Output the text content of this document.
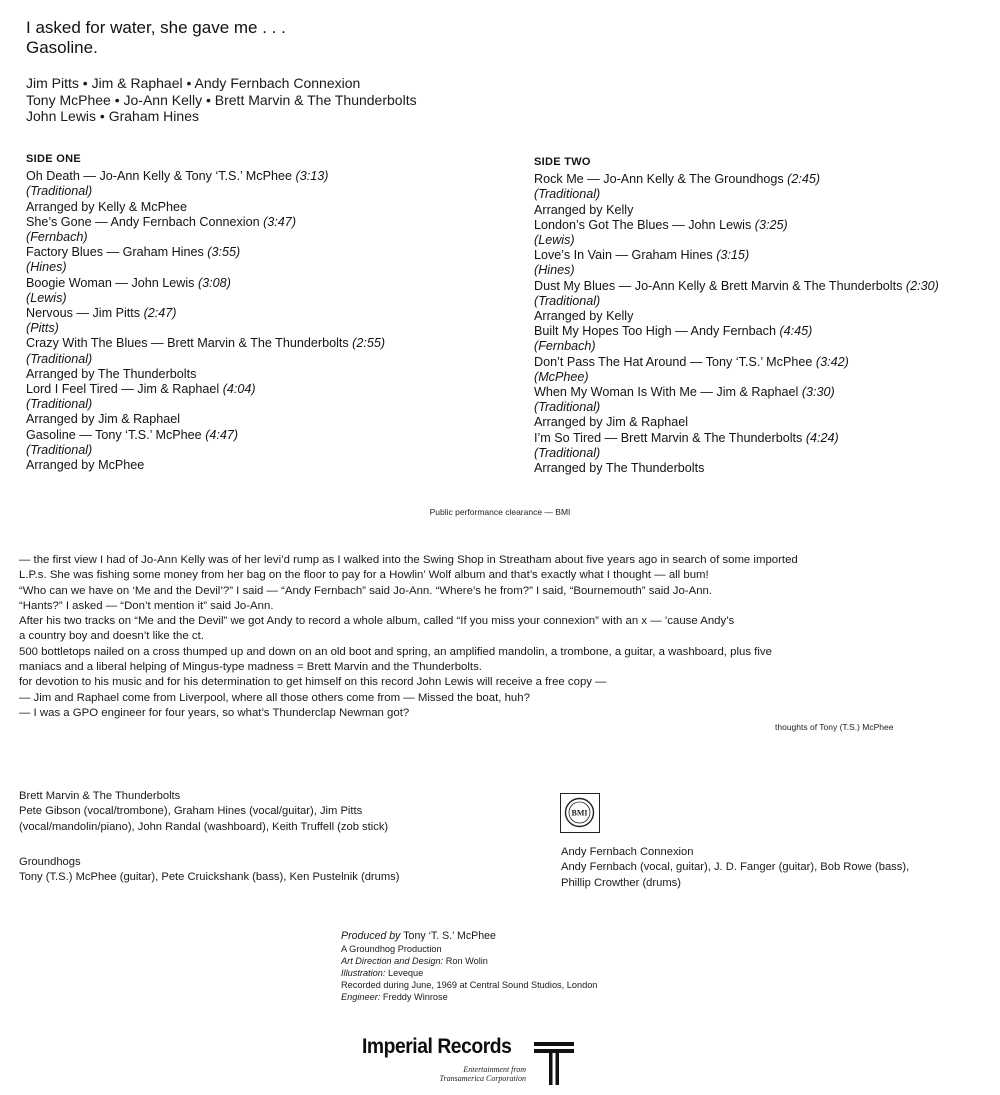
I asked for water, she gave me . . .
Gasoline.
Jim Pitts • Jim & Raphael • Andy Fernbach Connexion
Tony McPhee • Jo-Ann Kelly • Brett Marvin & The Thunderbolts
John Lewis • Graham Hines
SIDE ONE
Oh Death — Jo-Ann Kelly & Tony ‘T.S.’ McPhee (3:13)
(Traditional)
Arranged by Kelly & McPhee
She’s Gone — Andy Fernbach Connexion (3:47)
(Fernbach)
Factory Blues — Graham Hines (3:55)
(Hines)
Boogie Woman — John Lewis (3:08)
(Lewis)
Nervous — Jim Pitts (2:47)
(Pitts)
Crazy With The Blues — Brett Marvin & The Thunderbolts (2:55)
(Traditional)
Arranged by The Thunderbolts
Lord I Feel Tired — Jim & Raphael (4:04)
(Traditional)
Arranged by Jim & Raphael
Gasoline — Tony ‘T.S.’ McPhee (4:47)
(Traditional)
Arranged by McPhee
SIDE TWO
Rock Me — Jo-Ann Kelly & The Groundhogs (2:45)
(Traditional)
Arranged by Kelly
London’s Got The Blues — John Lewis (3:25)
(Lewis)
Love’s In Vain — Graham Hines (3:15)
(Hines)
Dust My Blues — Jo-Ann Kelly & Brett Marvin & The Thunderbolts (2:30)
(Traditional)
Arranged by Kelly
Built My Hopes Too High — Andy Fernbach (4:45)
(Fernbach)
Don’t Pass The Hat Around — Tony ‘T.S.’ McPhee (3:42)
(McPhee)
When My Woman Is With Me — Jim & Raphael (3:30)
(Traditional)
Arranged by Jim & Raphael
I’m So Tired — Brett Marvin & The Thunderbolts (4:24)
(Traditional)
Arranged by The Thunderbolts
Public performance clearance — BMI
— the first view I had of Jo-Ann Kelly was of her levi’d rump as I walked into the Swing Shop in Streatham about five years ago in search of some imported
L.P.s. She was fishing some money from her bag on the floor to pay for a Howlin’ Wolf album and that’s exactly what I thought — all bum!
“Who can we have on ‘Me and the Devil’?” I said — “Andy Fernbach” said Jo-Ann. “Where’s he from?” I said, “Bournemouth” said Jo-Ann.
“Hants?” I asked — “Don’t mention it” said Jo-Ann.
After his two tracks on “Me and the Devil” we got Andy to record a whole album, called “If you miss your connexion” with an x — ’cause Andy’s
a country boy and doesn’t like the ct.
500 bottletops nailed on a cross thumped up and down on an old boot and spring, an amplified mandolin, a trombone, a guitar, a washboard, plus five
maniacs and a liberal helping of Mingus-type madness = Brett Marvin and the Thunderbolts.
for devotion to his music and for his determination to get himself on this record John Lewis will receive a free copy —
— Jim and Raphael come from Liverpool, where all those others come from — Missed the boat, huh?
— I was a GPO engineer for four years, so what’s Thunderclap Newman got?
thoughts of Tony (T.S.) McPhee
Brett Marvin & The Thunderbolts
Pete Gibson (vocal/trombone), Graham Hines (vocal/guitar), Jim Pitts
(vocal/mandolin/piano), John Randal (washboard), Keith Truffell (zob stick)
Groundhogs
Tony (T.S.) McPhee (guitar), Pete Cruickshank (bass), Ken Pustelnik (drums)
Andy Fernbach Connexion
Andy Fernbach (vocal, guitar), J. D. Fanger (guitar), Bob Rowe (bass),
Phillip Crowther (drums)
BMI
Produced by Tony ‘T. S.’ McPhee
A Groundhog Production
Art Direction and Design: Ron Wolin
Illustration: Leveque
Recorded during June, 1969 at Central Sound Studios, London
Engineer: Freddy Winrose
Imperial Records
Entertainment from
Transamerica Corporation
